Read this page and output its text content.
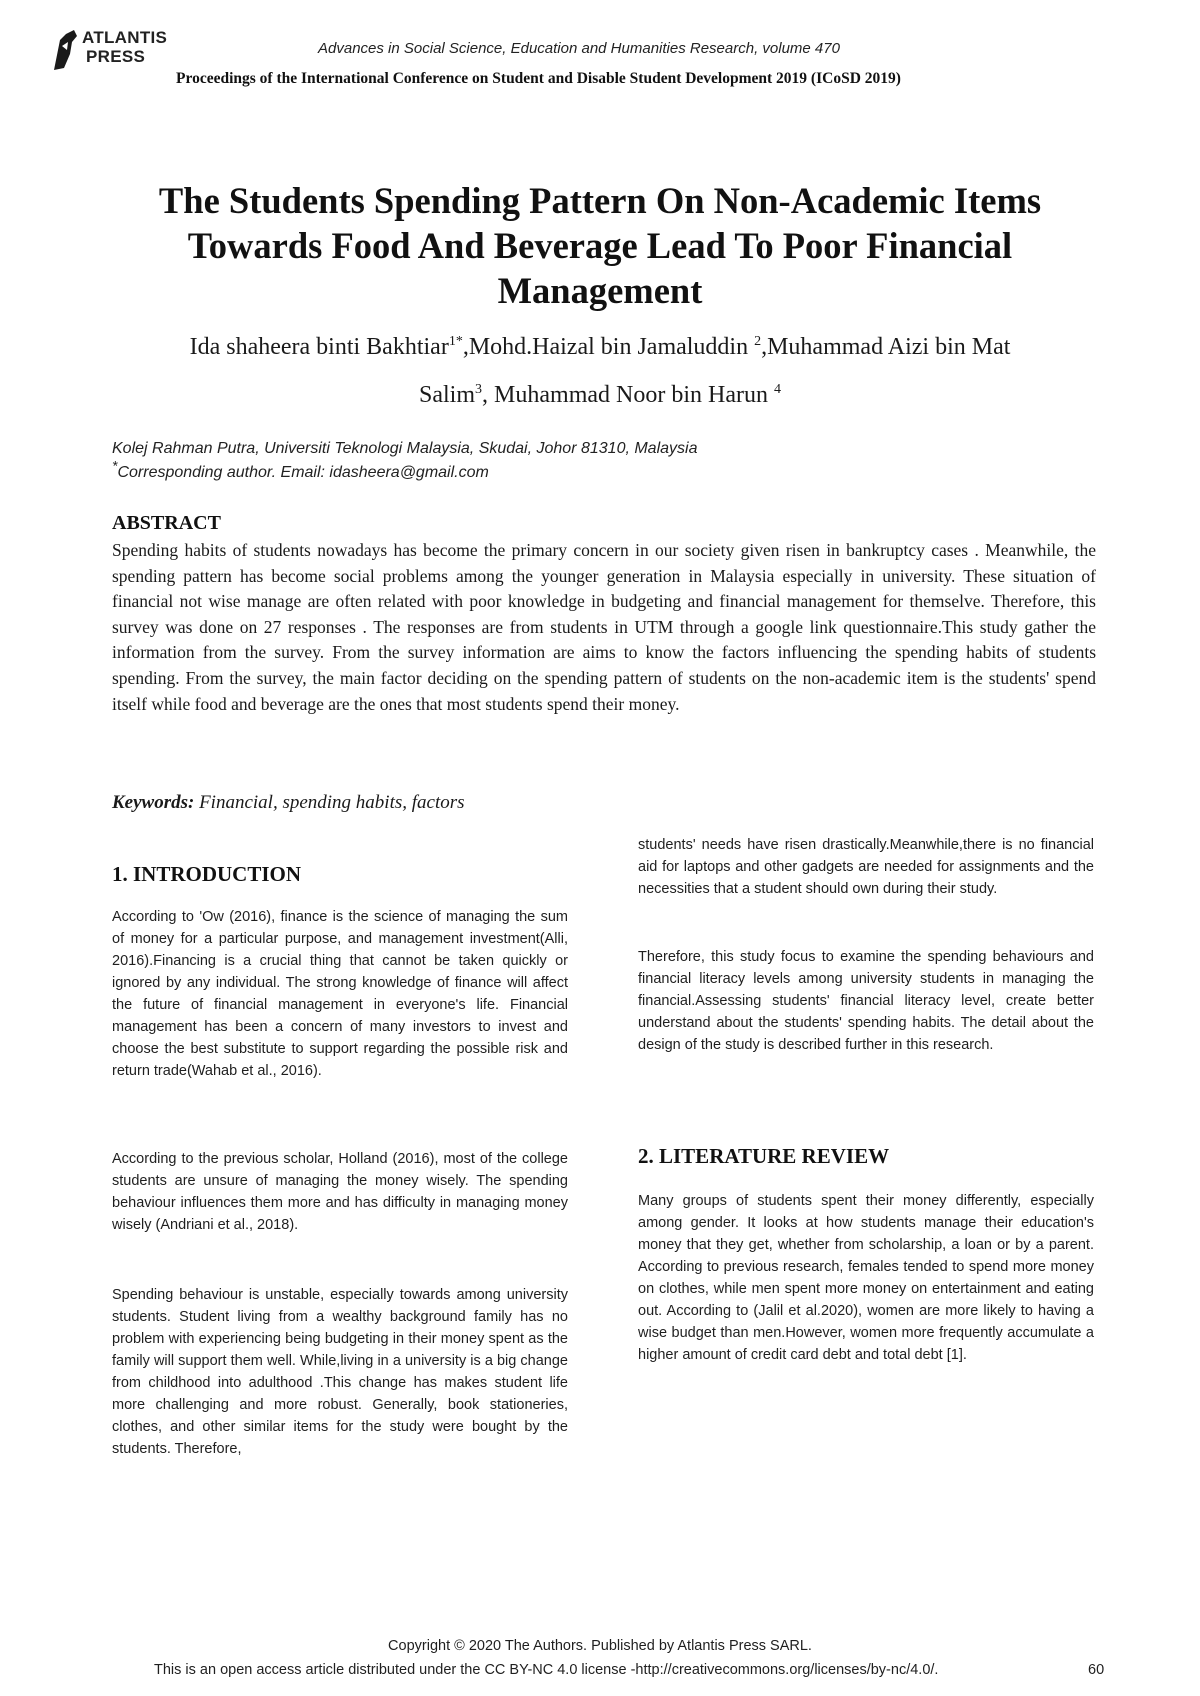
ATLANTIS
PRESS	Advances in Social Science, Education and Humanities Research, volume 470
Proceedings of the International Conference on Student and Disable Student Development 2019 (ICoSD 2019)
The Students Spending Pattern On Non-Academic Items
Towards Food And Beverage Lead To Poor Financial
Management
Ida shaheera binti Bakhtiar$^{1*}$,Mohd.Haizal bin Jamaluddin $^2$,Muhammad Aizi bin Mat
Salim$^3$, Muhammad Noor bin Harun $^4$
Kolej Rahman Putra, Universiti Teknologi Malaysia, Skudai, Johor 81310, Malaysia
*Corresponding author. Email: idasheera@gmail.com
ABSTRACT
Spending habits of students nowadays has become the primary concern in our society given risen in bankruptcy cases . Meanwhile, the spending pattern has become social problems among the younger generation in Malaysia especially in university. These situation of financial not wise manage are often related with poor knowledge in budgeting and financial management for themselve. Therefore, this survey was done on 27 responses . The responses are from students in UTM through a google link questionnaire.This study gather the information from the survey. From the survey information are aims to know the factors influencing the spending habits of students spending. From the survey, the main factor deciding on the spending pattern of students on the non-academic item is the students' spend itself while food and beverage are the ones that most students spend their money.
Keywords: Financial, spending habits, factors
1. INTRODUCTION

According to 'Ow (2016), finance is the science of managing the sum of money for a particular purpose, and management investment(Alli, 2016).Financing is a crucial thing that cannot be taken quickly or ignored by any individual. The strong knowledge of finance will affect the future of financial management in everyone's life. Financial management has been a concern of many investors to invest and choose the best substitute to support regarding the possible risk and return trade(Wahab et al., 2016).

According to the previous scholar, Holland (2016), most of the college students are unsure of managing the money wisely. The spending behaviour influences them more and has difficulty in managing money wisely (Andriani et al., 2018).

Spending behaviour is unstable, especially towards among university students. Student living from a wealthy background family has no problem with experiencing being budgeting in their money spent as the family will support them well. While,living in a university is a big change from childhood into adulthood .This change has makes student life more challenging and more robust. Generally, book stationeries, clothes, and other similar items for the study were bought by the students. Therefore,

students' needs have risen drastically.Meanwhile,there is no financial aid for laptops and other gadgets are needed for assignments and the necessities that a student should own during their study.

Therefore, this study focus to examine the spending behaviours and financial literacy levels among university students in managing the financial.Assessing students' financial literacy level, create better understand about the students' spending habits. The detail about the design of the study is described further in this research.

2. LITERATURE REVIEW

Many groups of students spent their money differently, especially among gender. It looks at how students manage their education's money that they get, whether from scholarship, a loan or by a parent. According to previous research, females tended to spend more money on clothes, while men spent more money on entertainment and eating out. According to (Jalil et al.2020), women are more likely to having a wise budget than men.However, women more frequently accumulate a higher amount of credit card debt and total debt [1].

Copyright © 2020 The Authors. Published by Atlantis Press SARL.
This is an open access article distributed under the CC BY-NC 4.0 license -http://creativecommons.org/licenses/by-nc/4.0/.	60
